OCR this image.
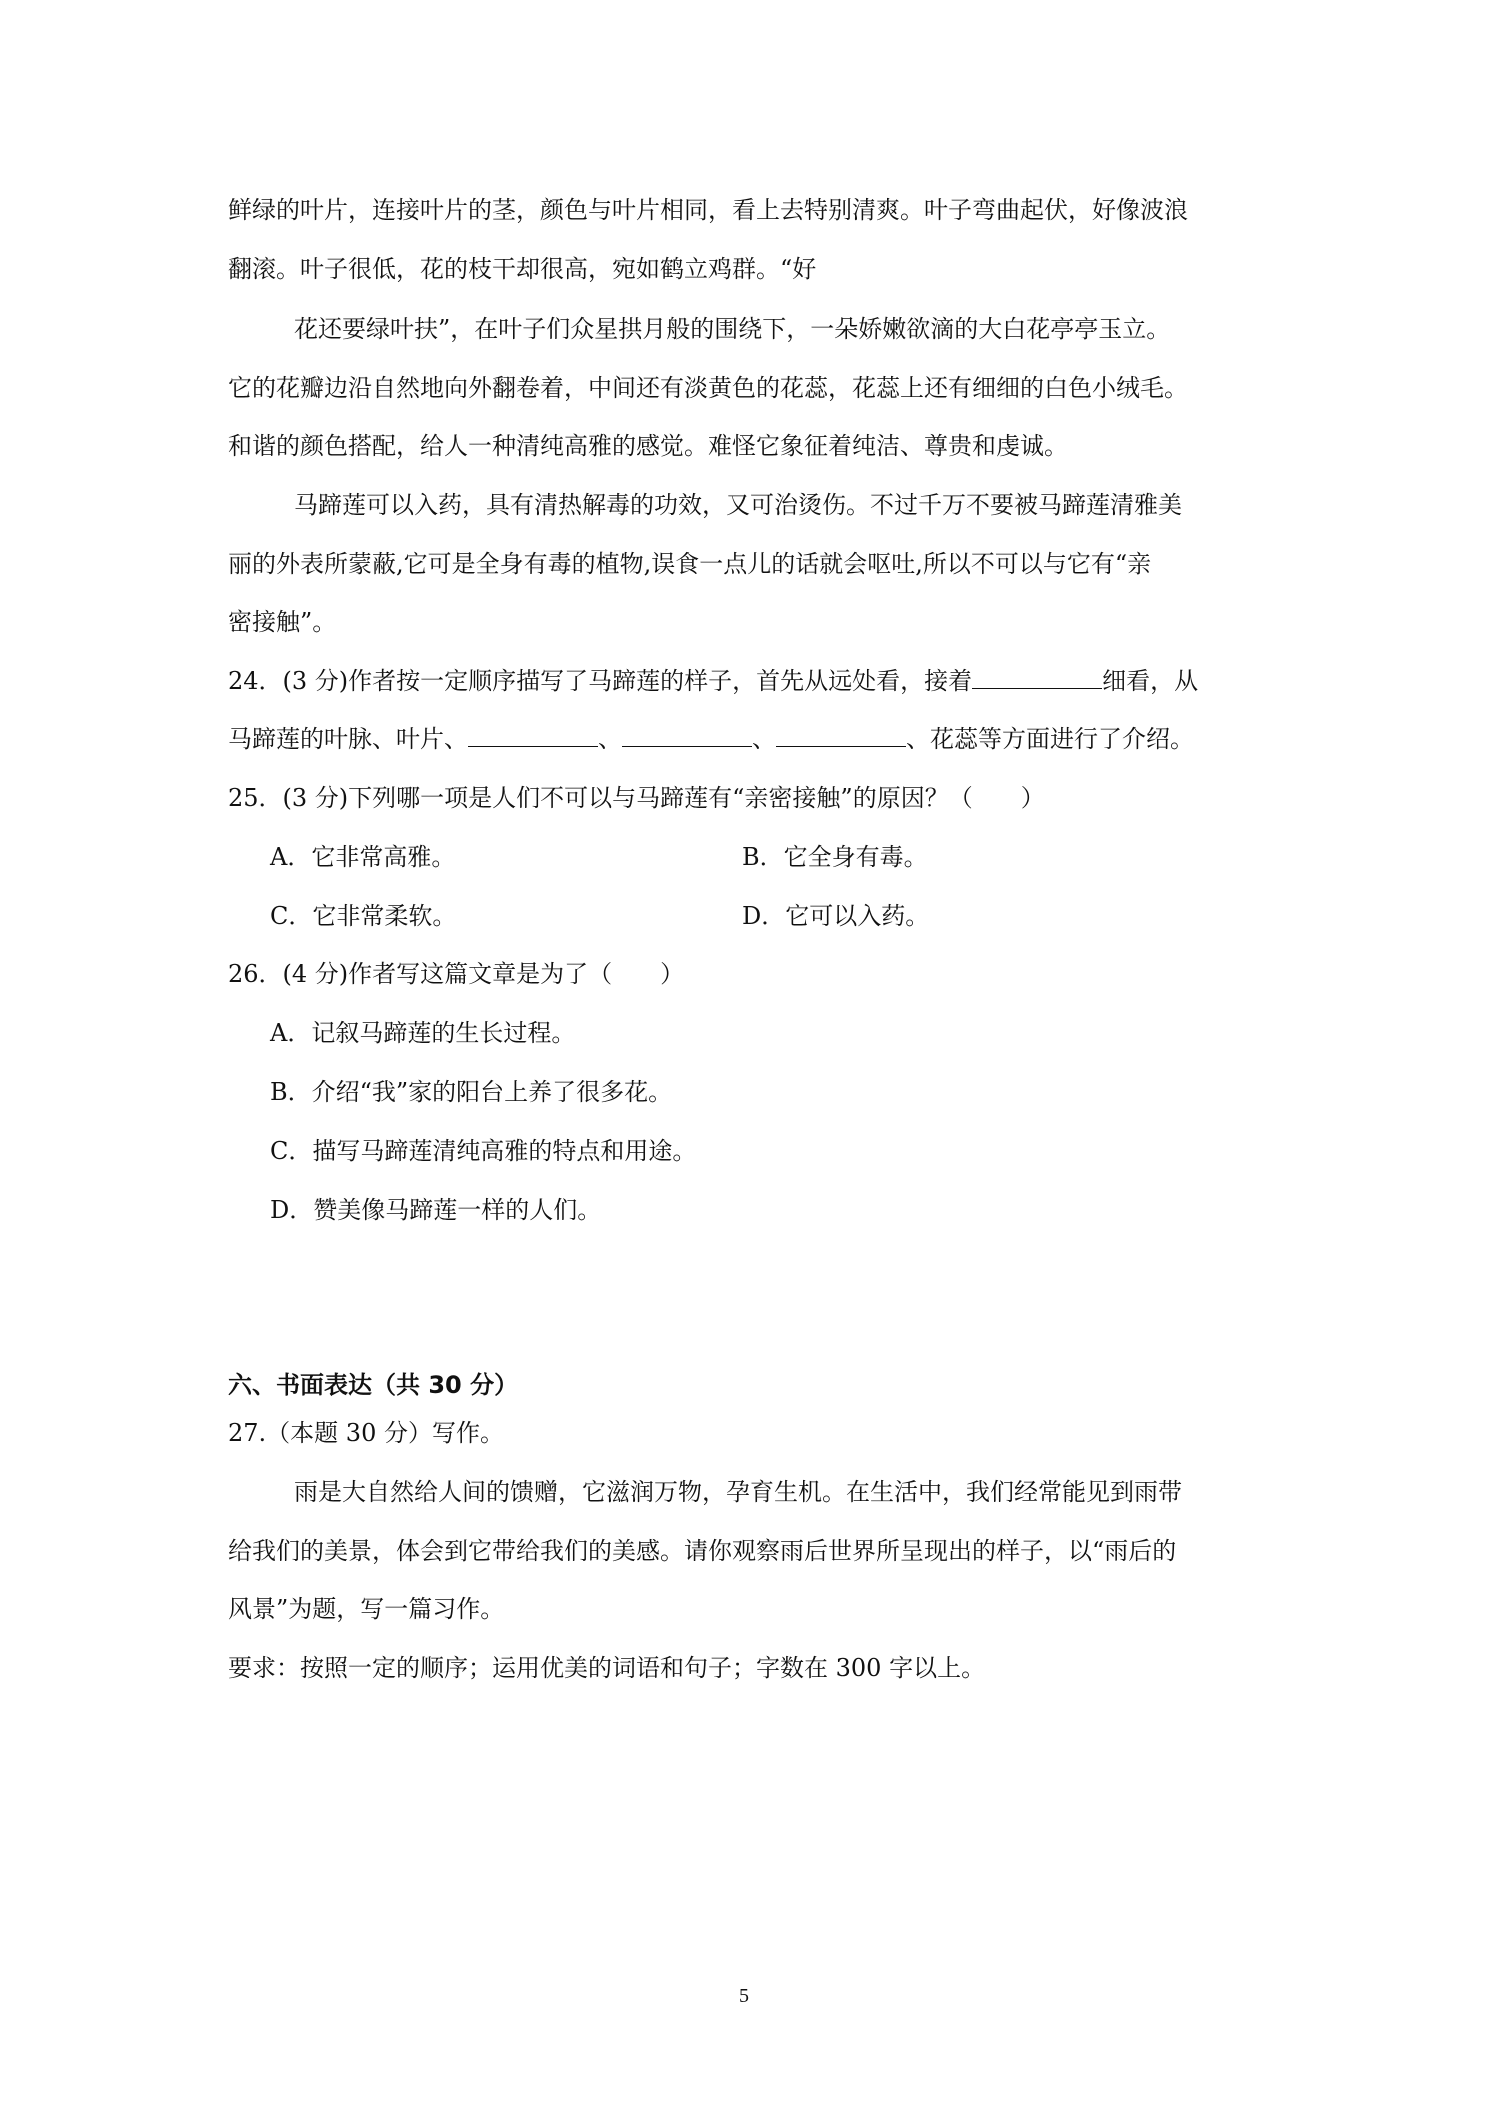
鲜绿的叶片，连接叶片的茎，颜色与叶片相同，看上去特别清爽。叶子弯曲起伏，好像波浪
翻滚。叶子很低，花的枝干却很高，宛如鹤立鸡群。“好
花还要绿叶扶”，在叶子们众星拱月般的围绕下，一朵娇嫩欲滴的大白花亭亭玉立。
它的花瓣边沿自然地向外翻卷着，中间还有淡黄色的花蕊，花蕊上还有细细的白色小绒毛。
和谐的颜色搭配，给人一种清纯高雅的感觉。难怪它象征着纯洁、尊贵和虔诚。
马蹄莲可以入药，具有清热解毒的功效，又可治烫伤。不过千万不要被马蹄莲清雅美
丽的外表所蒙蔽,它可是全身有毒的植物,误食一点儿的话就会呕吐,所以不可以与它有“亲
密接触”。
24．(3 分)作者按一定顺序描写了马蹄莲的样子，首先从远处看，接着	细看，从
马蹄莲的叶脉、叶片、	、	、	、花蕊等方面进行了介绍。
25．(3 分)下列哪一项是人们不可以与马蹄莲有“亲密接触”的原因？（　　）
A．它非常高雅。	B．它全身有毒。
C．它非常柔软。	D．它可以入药。
26．(4 分)作者写这篇文章是为了（　　）
A．记叙马蹄莲的生长过程。
B．介绍“我”家的阳台上养了很多花。
C．描写马蹄莲清纯高雅的特点和用途。
D．赞美像马蹄莲一样的人们。
六、书面表达（共 30 分）
27.（本题 30 分）写作。
雨是大自然给人间的馈赠，它滋润万物，孕育生机。在生活中，我们经常能见到雨带
给我们的美景，体会到它带给我们的美感。请你观察雨后世界所呈现出的样子，以“雨后的
风景”为题，写一篇习作。
要求：按照一定的顺序；运用优美的词语和句子；字数在 300 字以上。
5
